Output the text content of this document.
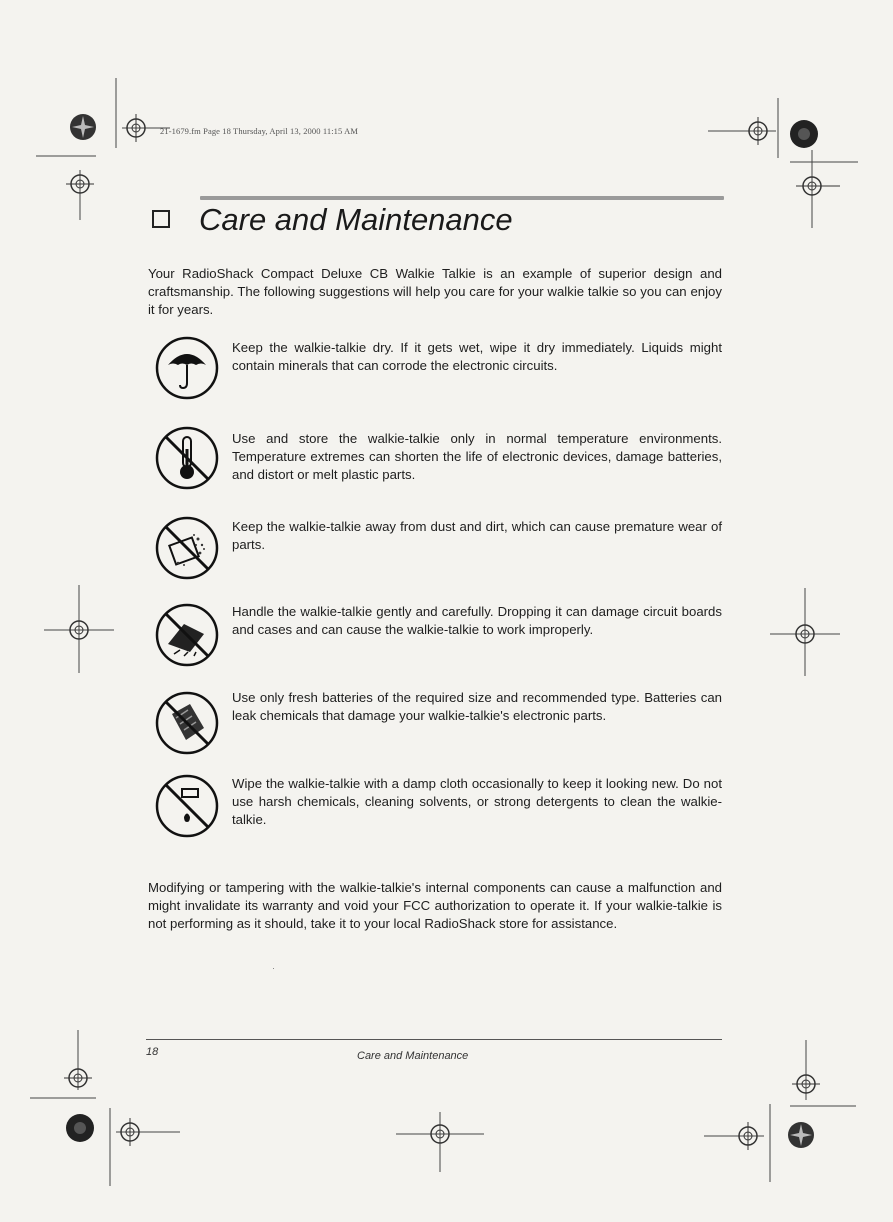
21-1679.fm Page 18 Thursday, April 13, 2000 11:15 AM
Care and Maintenance

Your RadioShack Compact Deluxe CB Walkie Talkie is an example of superior design and craftsmanship. The following suggestions will help you care for your walkie talkie so you can enjoy it for years.

Keep the walkie-talkie dry. If it gets wet, wipe it dry immediately. Liquids might contain minerals that can corrode the electronic circuits.

Use and store the walkie-talkie only in normal temperature environments. Temperature extremes can shorten the life of electronic devices, damage batteries, and distort or melt plastic parts.

Keep the walkie-talkie away from dust and dirt, which can cause premature wear of parts.

Handle the walkie-talkie gently and carefully. Dropping it can damage circuit boards and cases and can cause the walkie-talkie to work improperly.

Use only fresh batteries of the required size and recommended type. Batteries can leak chemicals that damage your walkie-talkie's electronic parts.

Wipe the walkie-talkie with a damp cloth occasionally to keep it looking new. Do not use harsh chemicals, cleaning solvents, or strong detergents to clean the walkie-talkie.

Modifying or tampering with the walkie-talkie's internal components can cause a malfunction and might invalidate its warranty and void your FCC authorization to operate it. If your walkie-talkie is not performing as it should, take it to your local RadioShack store for assistance.

·
18	Care and Maintenance
